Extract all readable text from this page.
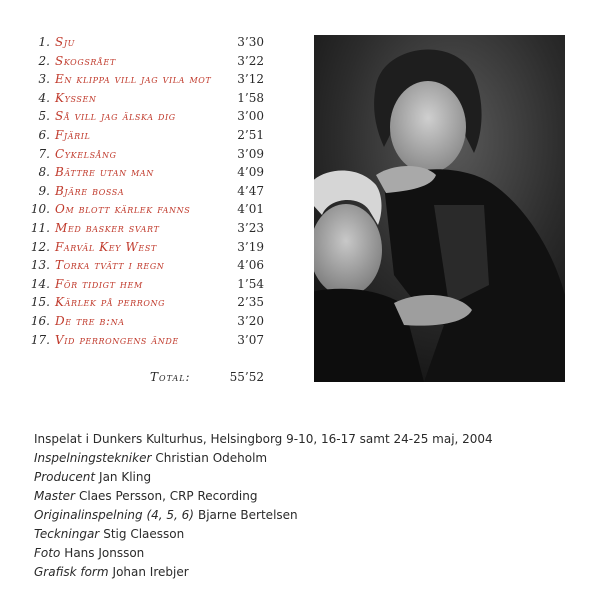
1. Sju	3’30
2. Skogsrået	3’22
3. En klippa vill jag vila mot	3’12
4. Kyssen	1’58
5. Så vill jag älska dig	3’00
6. Fjäril	2’51
7. Cykelsång	3’09
8. Bättre utan man	4’09
9. Bjäre bossa	4’47
10. Om blott kärlek fanns	4’01
11. Med basker svart	3’23
12. Farväl Key West	3’19
13. Torka tvätt i regn	4’06
14. För tidigt hem	1’54
15. Kärlek på perrong	2’35
16. De tre b:na	3’20
17. Vid perrongens ände	3’07
Total:	55’52
Inspelat i Dunkers Kulturhus, Helsingborg 9-10, 16-17 samt 24-25 maj, 2004
Inspelningstekniker Christian Odeholm
Producent Jan Kling
Master Claes Persson, CRP Recording
Originalinspelning (4, 5, 6) Bjarne Bertelsen
Teckningar Stig Claesson
Foto Hans Jonsson
Grafisk form Johan Irebjer
